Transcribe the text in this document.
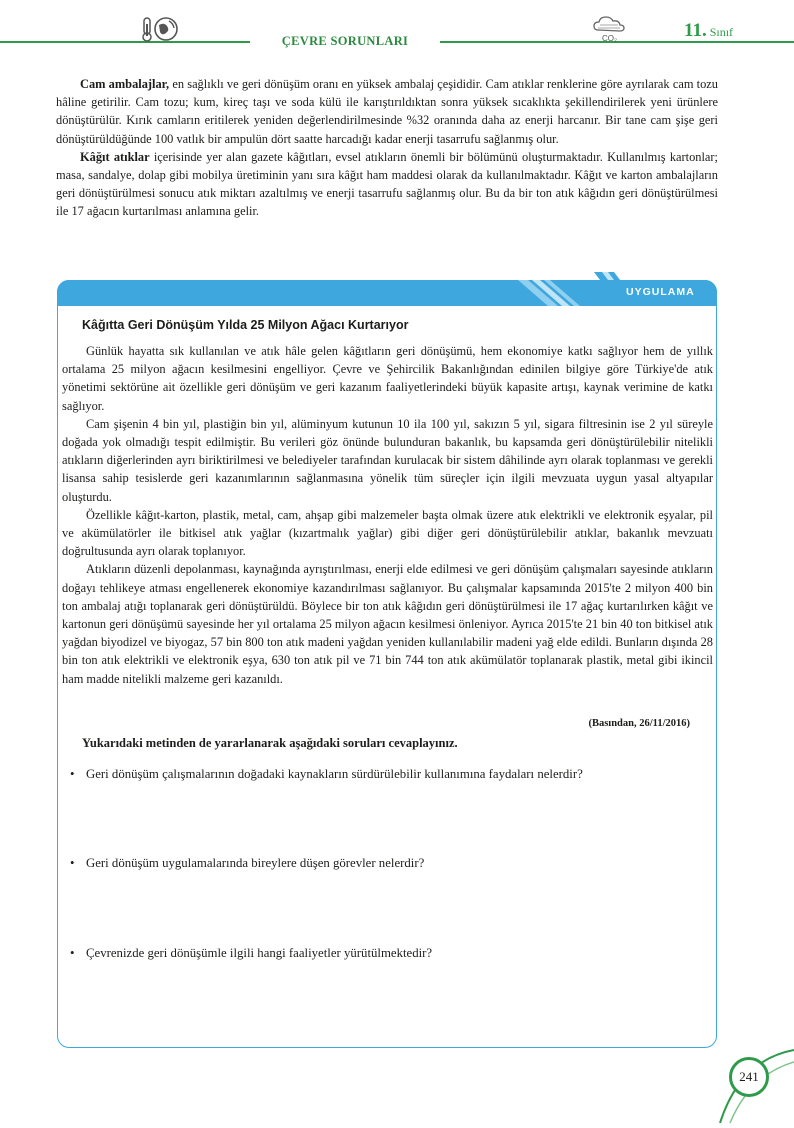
ÇEVRE SORUNLARI	CO₂	11. Sınıf

Cam ambalajlar, en sağlıklı ve geri dönüşüm oranı en yüksek ambalaj çeşididir. Cam atıklar renklerine göre ayrılarak cam tozu hâline getirilir. Cam tozu; kum, kireç taşı ve soda külü ile karıştırıldıktan sonra yüksek sıcaklıkta şekillendirilerek yeni ürünlere dönüştürülür. Kırık camların eritilerek yeniden değerlendirilmesinde %32 oranında daha az enerji harcanır. Bir tane cam şişe geri dönüştürüldüğünde 100 vatlık bir ampulün dört saatte harcadığı kadar enerji tasarrufu sağlanmış olur.

Kâğıt atıklar içerisinde yer alan gazete kâğıtları, evsel atıkların önemli bir bölümünü oluşturmaktadır. Kullanılmış kartonlar; masa, sandalye, dolap gibi mobilya üretiminin yanı sıra kâğıt ham maddesi olarak da kullanılmaktadır. Kâğıt ve karton ambalajların geri dönüştürülmesi sonucu atık miktarı azaltılmış ve enerji tasarrufu sağlanmış olur. Bu da bir ton atık kâğıdın geri dönüştürülmesi ile 17 ağacın kurtarılması anlamına gelir.

UYGULAMA
Kâğıtta Geri Dönüşüm Yılda 25 Milyon Ağacı Kurtarıyor

Günlük hayatta sık kullanılan ve atık hâle gelen kâğıtların geri dönüşümü, hem ekonomiye katkı sağlıyor hem de yıllık ortalama 25 milyon ağacın kesilmesini engelliyor. Çevre ve Şehircilik Bakanlığından edinilen bilgiye göre Türkiye'de atık yönetimi sektörüne ait özellikle geri dönüşüm ve geri kazanım faaliyetlerindeki büyük kapasite artışı, kaynak verimine de katkı sağlıyor.

Cam şişenin 4 bin yıl, plastiğin bin yıl, alüminyum kutunun 10 ila 100 yıl, sakızın 5 yıl, sigara filtresinin ise 2 yıl süreyle doğada yok olmadığı tespit edilmiştir. Bu verileri göz önünde bulunduran bakanlık, bu kapsamda geri dönüştürülebilir nitelikli atıkların diğerlerinden ayrı biriktirilmesi ve belediyeler tarafından kurulacak bir sistem dâhilinde ayrı olarak toplanması ve gerekli lisansa sahip tesislerde geri kazanımlarının sağlanmasına yönelik tüm süreçler için ilgili mevzuata uygun yasal altyapılar oluşturdu.

Özellikle kâğıt-karton, plastik, metal, cam, ahşap gibi malzemeler başta olmak üzere atık elektrikli ve elektronik eşyalar, pil ve akümülatörler ile bitkisel atık yağlar (kızartmalık yağlar) gibi diğer geri dönüştürülebilir atıklar, bakanlık mevzuatı doğrultusunda ayrı olarak toplanıyor.

Atıkların düzenli depolanması, kaynağında ayrıştırılması, enerji elde edilmesi ve geri dönüşüm çalışmaları sayesinde atıkların doğayı tehlikeye atması engellenerek ekonomiye kazandırılması sağlanıyor. Bu çalışmalar kapsamında 2015'te 2 milyon 400 bin ton ambalaj atığı toplanarak geri dönüştürüldü. Böylece bir ton atık kâğıdın geri dönüştürülmesi ile 17 ağaç kurtarılırken kâğıt ve kartonun geri dönüşümü sayesinde her yıl ortalama 25 milyon ağacın kesilmesi önleniyor. Ayrıca 2015'te 21 bin 40 ton bitkisel atık yağdan biyodizel ve biyogaz, 57 bin 800 ton atık madeni yağdan yeniden kullanılabilir madeni yağ elde edildi. Bunların dışında 28 bin ton atık elektrikli ve elektronik eşya, 630 ton atık pil ve 71 bin 744 ton atık akümülatör toplanarak plastik, metal gibi ikincil ham madde nitelikli malzeme geri kazanıldı.

(Basından, 26/11/2016)
Yukarıdaki metinden de yararlanarak aşağıdaki soruları cevaplayınız.
• Geri dönüşüm çalışmalarının doğadaki kaynakların sürdürülebilir kullanımına faydaları nelerdir?
• Geri dönüşüm uygulamalarında bireylere düşen görevler nelerdir?
• Çevrenizde geri dönüşümle ilgili hangi faaliyetler yürütülmektedir?
241
